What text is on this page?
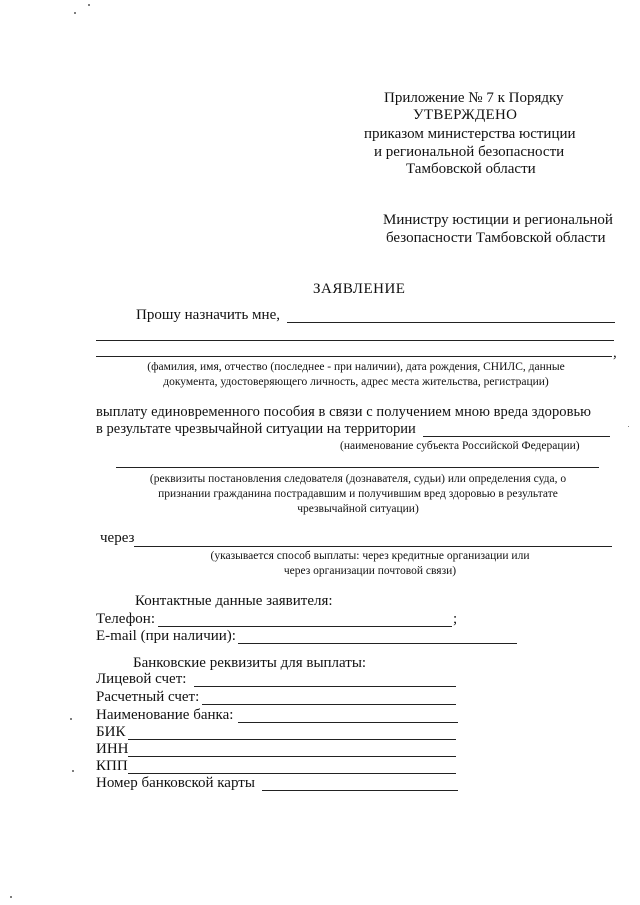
Приложение № 7 к Порядку
УТВЕРЖДЕНО
приказом министерства юстиции
и региональной безопасности
Тамбовской области
Министру юстиции и региональной
безопасности Тамбовской области
ЗАЯВЛЕНИЕ
Прошу назначить мне,
,
(фамилия, имя, отчество (последнее - при наличии), дата рождения, СНИЛС, данные
документа, удостоверяющего личность, адрес места жительства, регистрации)
выплату единовременного пособия в связи с получением мною вреда здоровью
в результате чрезвычайной ситуации на территории
(наименование субъекта Российской Федерации)
(реквизиты постановления следователя (дознавателя, судьи) или определения суда, о
признании гражданина пострадавшим и получившим вред здоровью в результате
чрезвычайной ситуации)
через
(указывается способ выплаты: через кредитные организации или
через организации почтовой связи)
Контактные данные заявителя:
Телефон:	;
E-mail (при наличии):
Банковские реквизиты для выплаты:
Лицевой счет:
Расчетный счет:
Наименование банка:
БИК
ИНН
КПП
Номер банковской карты
